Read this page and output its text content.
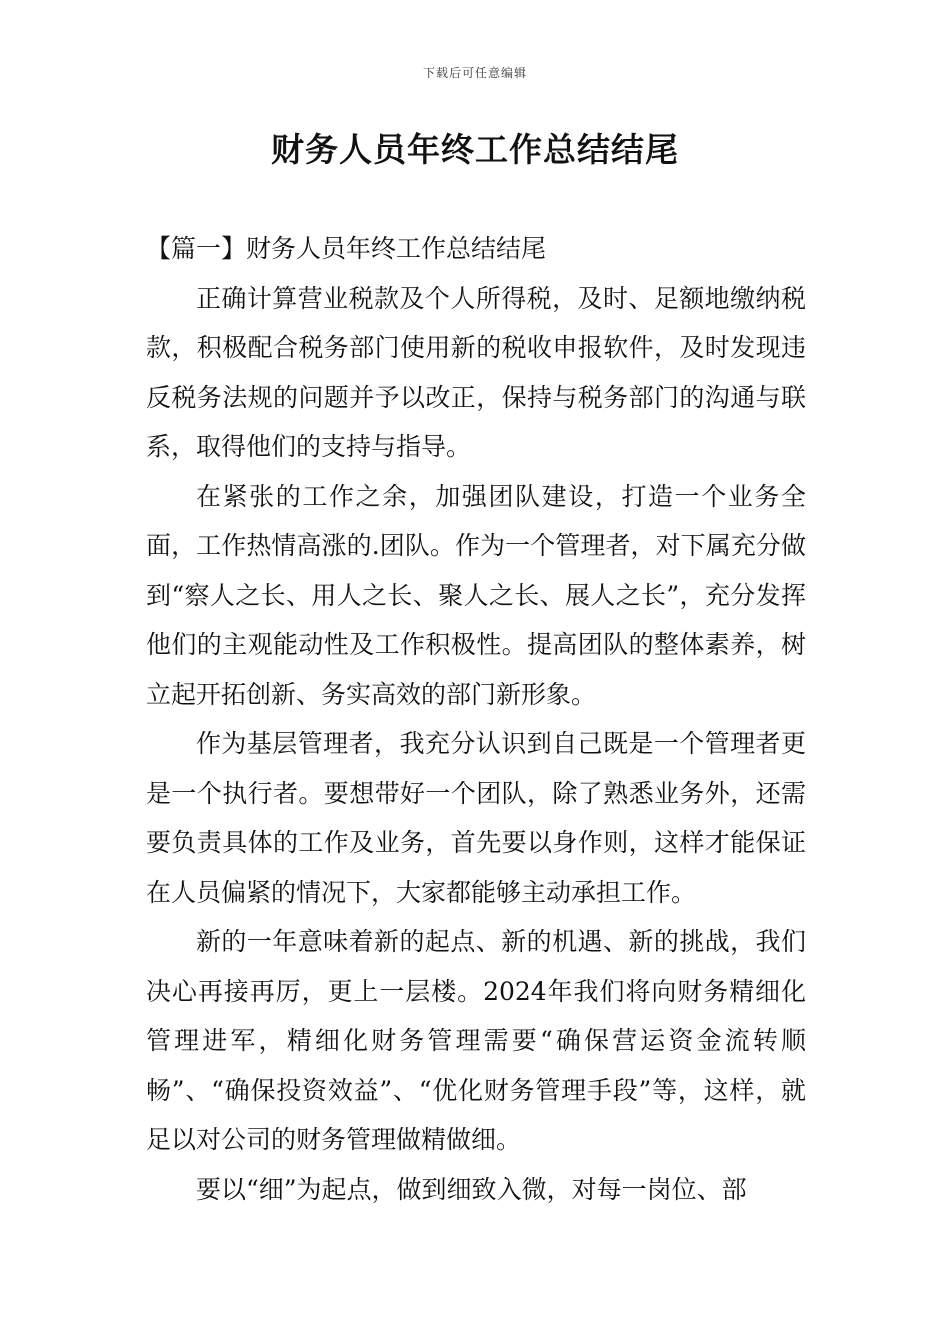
下载后可任意编辑
财务人员年终工作总结结尾

【篇一】财务人员年终工作总结结尾

正确计算营业税款及个人所得税，及时、足额地缴纳税款，积极配合税务部门使用新的税收申报软件，及时发现违反税务法规的问题并予以改正，保持与税务部门的沟通与联系，取得他们的支持与指导。

在紧张的工作之余，加强团队建设，打造一个业务全面，工作热情高涨的.团队。作为一个管理者，对下属充分做到“察人之长、用人之长、聚人之长、展人之长”，充分发挥他们的主观能动性及工作积极性。提高团队的整体素养，树立起开拓创新、务实高效的部门新形象。

作为基层管理者，我充分认识到自己既是一个管理者更是一个执行者。要想带好一个团队，除了熟悉业务外，还需要负责具体的工作及业务，首先要以身作则，这样才能保证在人员偏紧的情况下，大家都能够主动承担工作。

新的一年意味着新的起点、新的机遇、新的挑战，我们决心再接再厉，更上一层楼。2024年我们将向财务精细化管理进军，精细化财务管理需要“确保营运资金流转顺畅”、“确保投资效益”、“优化财务管理手段”等，这样，就足以对公司的财务管理做精做细。

要以“细”为起点，做到细致入微，对每一岗位、部
